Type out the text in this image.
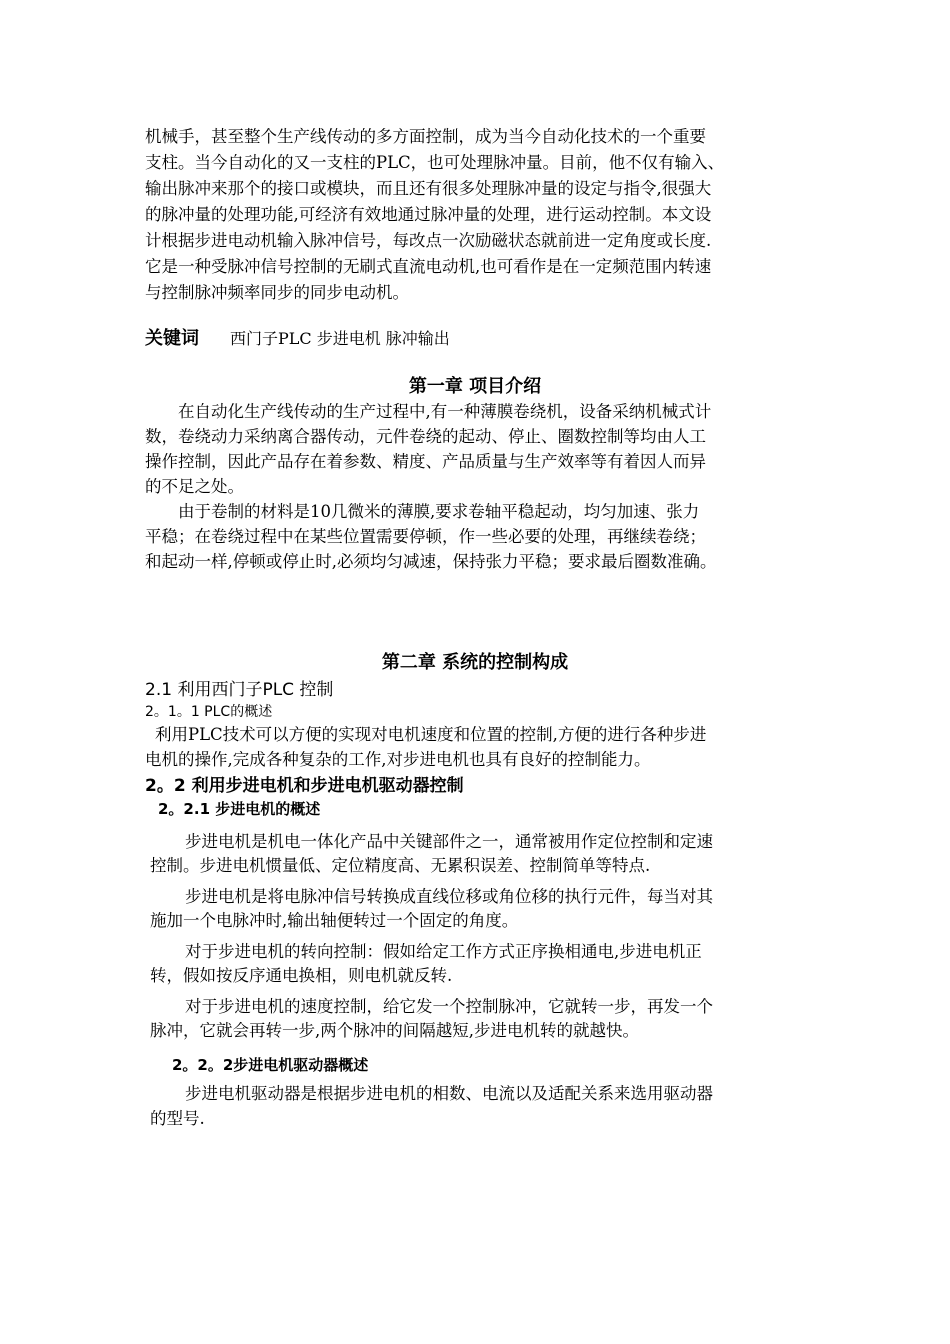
机械手，甚至整个生产线传动的多方面控制，成为当今自动化技术的一个重要
支柱。当今自动化的又一支柱的PLC，也可处理脉冲量。目前，他不仅有输入、
输出脉冲来那个的接口或模块，而且还有很多处理脉冲量的设定与指令,很强大
的脉冲量的处理功能,可经济有效地通过脉冲量的处理，进行运动控制。本文设
计根据步进电动机输入脉冲信号，每改点一次励磁状态就前进一定角度或长度.
它是一种受脉冲信号控制的无刷式直流电动机,也可看作是在一定频范围内转速
与控制脉冲频率同步的同步电动机。
关键词 西门子PLC 步进电机 脉冲输出
第一章 项目介绍
在自动化生产线传动的生产过程中,有一种薄膜卷绕机，设备采纳机械式计
数，卷绕动力采纳离合器传动，元件卷绕的起动、停止、圈数控制等均由人工
操作控制，因此产品存在着参数、精度、产品质量与生产效率等有着因人而异
的不足之处。
由于卷制的材料是10几微米的薄膜,要求卷轴平稳起动，均匀加速、张力
平稳；在卷绕过程中在某些位置需要停顿，作一些必要的处理，再继续卷绕；
和起动一样,停顿或停止时,必须均匀减速，保持张力平稳；要求最后圈数准确。
第二章 系统的控制构成
2.1 利用西门子PLC 控制
2。1。1 PLC的概述
利用PLC技术可以方便的实现对电机速度和位置的控制,方便的进行各种步进
电机的操作,完成各种复杂的工作,对步进电机也具有良好的控制能力。
2。2 利用步进电机和步进电机驱动器控制
2。2.1 步进电机的概述
步进电机是机电一体化产品中关键部件之一，通常被用作定位控制和定速
控制。步进电机惯量低、定位精度高、无累积误差、控制简单等特点.
步进电机是将电脉冲信号转换成直线位移或角位移的执行元件，每当对其
施加一个电脉冲时,输出轴便转过一个固定的角度。
对于步进电机的转向控制：假如给定工作方式正序换相通电,步进电机正
转，假如按反序通电换相，则电机就反转.
对于步进电机的速度控制，给它发一个控制脉冲，它就转一步，再发一个
脉冲，它就会再转一步,两个脉冲的间隔越短,步进电机转的就越快。
2。2。2步进电机驱动器概述
步进电机驱动器是根据步进电机的相数、电流以及适配关系来选用驱动器
的型号.
